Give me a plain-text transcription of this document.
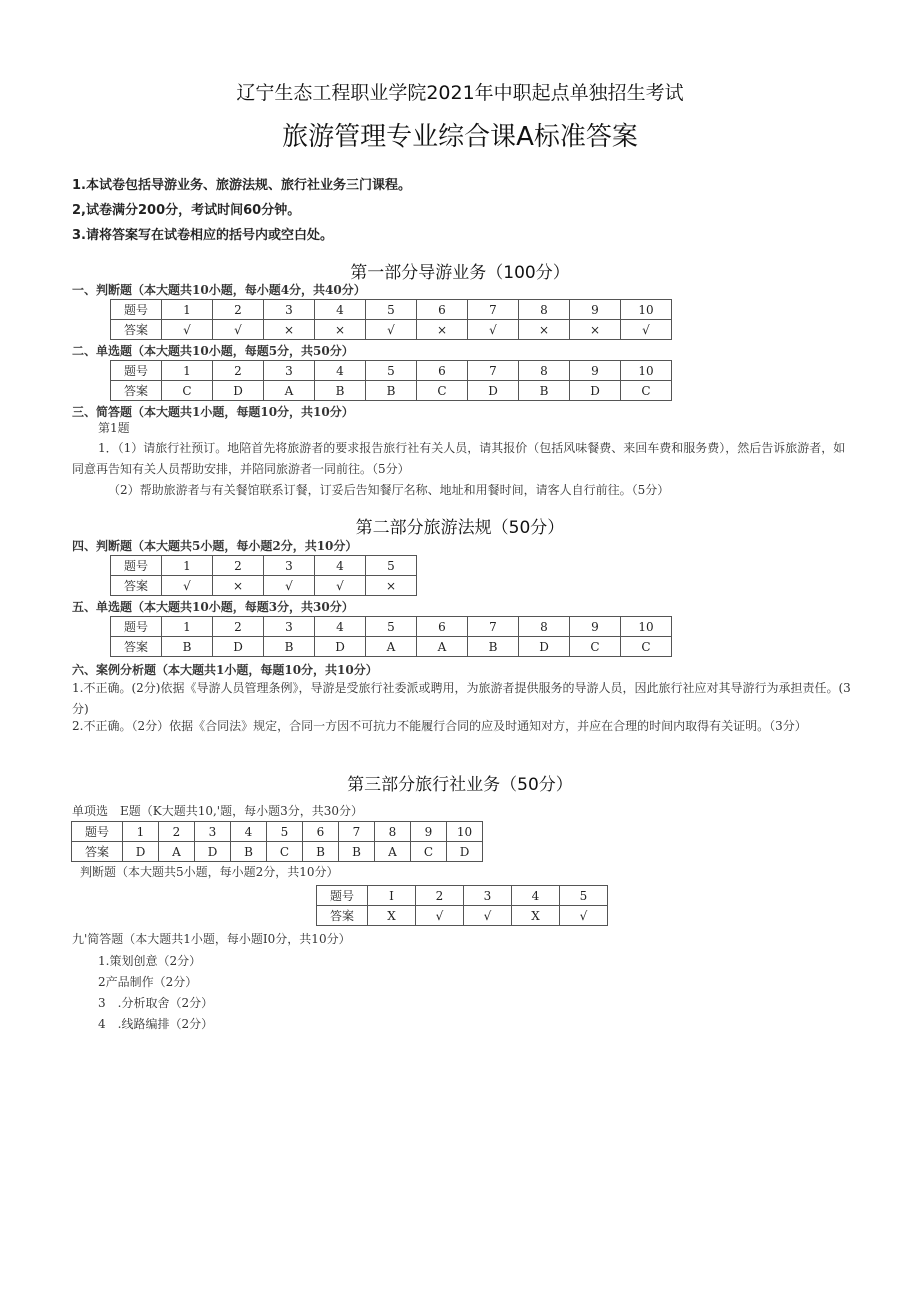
辽宁生态工程职业学院2021年中职起点单独招生考试
旅游管理专业综合课A标准答案
1.本试卷包括导游业务、旅游法规、旅行社业务三门课程。
2,试卷满分200分，考试时间60分钟。
3.请将答案写在试卷相应的括号内或空白处。
第一部分导游业务（100分）
一、判断题（本大题共10小题，每小题4分，共40分）
题号	1	2	3	4	5	6	7	8	9	10
答案	√	√	×	×	√	×	√	×	×	√
二、单选题（本大题共10小题，每题5分，共50分）
题号	1	2	3	4	5	6	7	8	9	10
答案	C	D	A	B	B	C	D	B	D	C
三、简答题（本大题共1小题，每题10分，共10分）
第1题
1．（1）请旅行社预订。地陪首先将旅游者的要求报告旅行社有关人员，请其报价（包括风味餐费、来回车费和服务费），然后告诉旅游者，如同意再告知有关人员帮助安排，并陪同旅游者一同前往。（5分）
（2）帮助旅游者与有关餐馆联系订餐，订妥后告知餐厅名称、地址和用餐时间，请客人自行前往。（5分）
第二部分旅游法规（50分）
四、判断题（本大题共5小题，每小题2分，共10分）
题号	1	2	3	4	5
答案	√	×	√	√	×
五、单选题（本大题共10小题，每题3分，共30分）
题号	1	2	3	4	5	6	7	8	9	10
答案	B	D	B	D	A	A	B	D	C	C
六、案例分析题（本大题共1小题，每题10分，共10分）
1.不正确。(2分)依据《导游人员管理条例》，导游是受旅行社委派或聘用，为旅游者提供服务的导游人员，因此旅行社应对其导游行为承担责任。(3分)
2.不正确。（2分）依据《合同法》规定，合同一方因不可抗力不能履行合同的应及时通知对方，并应在合理的时间内取得有关证明。（3分）
第三部分旅行社业务（50分）
单项选　E题（K大题共10,'题，每小题3分，共30分）
题号	1	2	3	4	5	6	7	8	9	10
答案	D	A	D	B	C	B	B	A	C	D
判断题（本大题共5小题，每小题2分，共10分）
题号	I	2	3	4	5
答案	X	√	√	X	√
九'简答题（本大题共1小题，每小题I0分，共10分）
1.策划创意（2分）
2产品制作（2分）
3　.分析取舍（2分）
4　.线路编排（2分）
